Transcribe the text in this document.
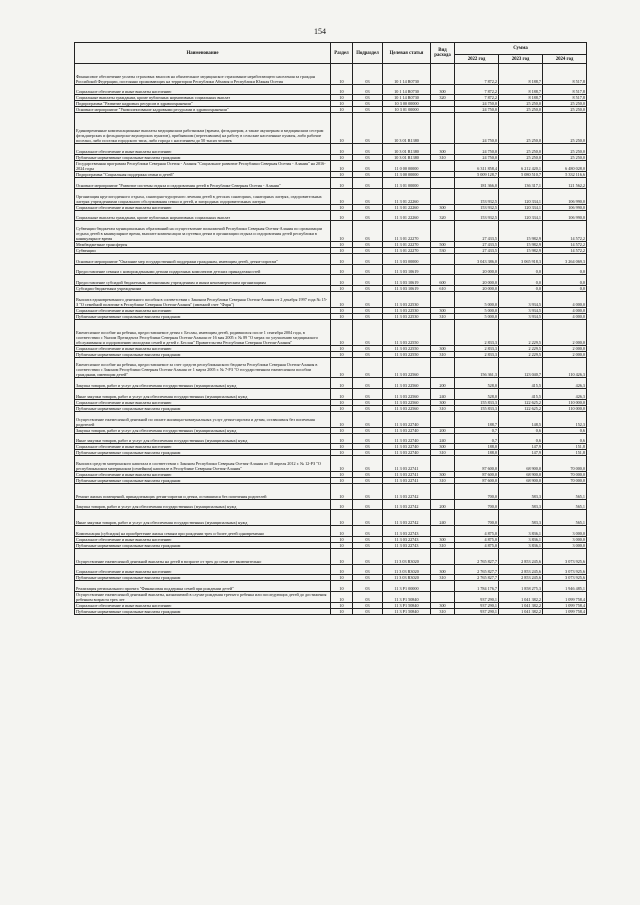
154
Наименование	Раздел	Подраздел	Целевая статья	Вид расхода	Сумма		
					2022 год	2023 год	2024 год
Финансовое обеспечение уплаты страховых взносов на обязательное медицинское страхование неработающего населения за граждан Российской Федерации, постоянно проживающих на территории Республики Абхазия и Республики Южная Осетия	10	03	10 1 14 R0730		7 872,2	8 188,7	8 517,8
Социальное обеспечение и иные выплаты населению	10	03	10 1 14 R0730	300	7 872,2	8 188,7	8 517,8
Социальные выплаты гражданам, кроме публичных нормативных социальных выплат	10	03	10 1 14 R0730	320	7 872,2	8 188,7	8 517,8
Подпрограмма "Развитие кадровых ресурсов в здравоохранении"	10	03	10 3 00 00000		24 750,0	25 250,0	25 250,0
Основное мероприятие "Укомплектование кадровыми ресурсами в здравоохранении"	10	03	10 3 01 00000		24 750,0	25 250,0	25 250,0
Единовременные компенсационные выплаты медицинским работникам (врачам, фельдшерам, а также акушеркам и медицинским сестрам фельдшерских и фельдшерско-акушерских пунктов), прибывшим (переехавшим) на работу в сельские населенные пункты, либо рабочие поселки, либо поселки городского типа, либо города с населением до 50 тысяч человек	10	03	10 3 01 R1380		24 750,0	25 250,0	25 250,0
Социальное обеспечение и иные выплаты населению	10	03	10 3 01 R1380	300	24 750,0	25 250,0	25 250,0
Публичные нормативные социальные выплаты гражданам	10	03	10 3 01 R1380	310	24 750,0	25 250,0	25 250,0
Государственная программа Республики Северная Осетия - Алания "Социальное развитие Республики Северная Осетия - Алания" на 2016-2024 годы	10	03	11 0 00 00000		6 311 858,4	6 212 420,1	6 480 028,0
Подпрограмма "Социальная поддержка семьи и детей"	10	03	11 3 00 00000		5 009 128,7	5 080 510,7	5 332 116,6
Основное мероприятие "Развитие системы отдыха и оздоровления детей в Республике Северная Осетия - Алания"	10	03	11 3 01 00000		181 366,0	136 317,1	121 562,2
Организация круглогодичного отдыха, санаторно-курортного лечения детей в детских санаториях, санаторных лагерях, оздоровительных лагерях учреждениями социального обслуживания семьи и детей, и загородных оздоровительных лагерях	10	03	11 3 01 22260		153 932,5	120 334,1	106 990,0
Социальное обеспечение и иные выплаты населению	10	03	11 3 01 22260	300	153 932,5	120 334,1	106 990,0
Социальные выплаты гражданам, кроме публичных нормативных социальных выплат	10	03	11 3 01 22260	320	153 932,5	120 334,1	106 990,0
Субвенции бюджетам муниципальных образований на осуществление полномочий Республики Северная Осетия-Алания по организации отдыха детей в каникулярное время, выплате компенсации за путевки детям в организации отдыха и оздоровления детей республики в каникулярное время	10	03	11 3 01 22270		27 433,5	15 982,9	14 572,2
Межбюджетные трансферты	10	03	11 3 01 22270	500	27 433,5	15 982,9	14 572,2
Субвенции	10	03	11 3 01 22270	530	27 433,5	15 982,9	14 572,2
Основное мероприятие "Оказание мер государственной поддержки гражданам, имеющим детей, детям-сиротам"	10	03	11 3 03 00000		3 043 386,0	3 065 918,3	3 264 069,3
Предоставление семьям с новорожденными детьми подарочных комплектов детских принадлежностей	10	03	11 3 03 10619		20 000,0	0,0	0,0
Предоставление субсидий бюджетным, автономным учреждениям и иным некоммерческим организациям	10	03	11 3 03 10619	600	20 000,0	0,0	0,0
Субсидии бюджетным учреждениям	10	03	11 3 03 10619	610	20 000,0	0,0	0,0
Выплата единовременного денежного пособия в соответствии с Законом Республики Северная Осетия-Алания от 2 декабря 1997 года № 15-З "О семейной политике в Республике Северная Осетия-Алания" (именной счет "Фарн")	10	03	11 3 03 22530		5 000,0	3 934,5	4 000,0
Социальное обеспечение и иные выплаты населению	10	03	11 3 03 22530	300	5 000,0	3 934,5	4 000,0
Публичные нормативные социальные выплаты гражданам	10	03	11 3 03 22530	310	5 000,0	3 934,5	4 000,0
Ежемесячное пособие на ребенка, предоставляемое детям г. Беслан, имеющим детей, родившихся после 1 сентября 2004 года, в соответствии с Указом Президента Республики Северная Осетия-Алания от 16 мая 2005 г. № 89 "О мерах по улучшению медицинского обслуживания и оздоровлению молодежи семей и детей г. Беслан" Правительства Республики Северная Осетия-Алания"	10	03	11 3 03 22550		2 833,3	2 229,5	2 000,0
Социальное обеспечение и иные выплаты населению	10	03	11 3 03 22550	300	2 833,3	2 229,5	2 000,0
Публичные нормативные социальные выплаты гражданам	10	03	11 3 03 22550	310	2 833,3	2 229,5	2 000,0
Ежемесячное пособие на ребенка, предоставляемое за счет средств республиканского бюджета Республики Северная Осетия-Алания в соответствии с Законом Республики Северная Осетия-Алания от 1 марта 2005 г. № 7-РЗ "О государственном ежемесячном пособии гражданам, имеющим детей"	10	03	11 3 03 22560		156 361,3	123 040,7	110 426,3
Закупка товаров, работ и услуг для обеспечения государственных (муниципальных) нужд	10	03	11 3 03 22560	200	528,0	415,5	426,3
Иные закупки товаров, работ и услуг для обеспечения государственных (муниципальных) нужд	10	03	11 3 03 22560	240	528,0	415,5	426,3
Социальное обеспечение и иные выплаты населению	10	03	11 3 03 22560	300	155 833,3	122 625,2	110 000,0
Публичные нормативные социальные выплаты гражданам	10	03	11 3 03 22560	310	155 833,3	122 625,2	110 000,0
Осуществление ежемесячной денежной по оплате жилищно-коммунальных услуг детям-сиротам и детям, оставшимся без попечения родителей	10	03	11 3 03 22740		188,7	148,5	152,3
Закупка товаров, работ и услуг для обеспечения государственных (муниципальных) нужд	10	03	11 3 03 22740	200	0,7	0,6	0,6
Иные закупки товаров, работ и услуг для обеспечения государственных (муниципальных) нужд	10	03	11 3 03 22740	240	0,7	0,6	0,6
Социальное обеспечение и иные выплаты населению	10	03	11 3 03 22740	300	188,0	147,9	151,8
Публичные нормативные социальные выплаты гражданам	10	03	11 3 03 22740	310	188,0	147,9	151,8
Выплата средств материнского капитала в соответствии с Законом Республики Северная Осетия-Алания от 18 апреля 2012 г. № 12-РЗ "О республиканском материнском (семейном) капитале в Республике Северная Осетия-Алания"	10	03	11 3 03 22741		87 600,0	68 900,0	70 000,0
Социальное обеспечение и иные выплаты населению	10	03	11 3 03 22741	300	87 600,0	68 900,0	70 000,0
Публичные нормативные социальные выплаты гражданам	10	03	11 3 03 22741	310	87 600,0	68 900,0	70 000,0
Ремонт жилых помещений, принадлежащих детям-сиротам и детям, оставшимся без попечения родителей	10	03	11 3 03 22742		700,0	583,3	565,1
Закупка товаров, работ и услуг для обеспечения государственных (муниципальных) нужд	10	03	11 3 03 22742	200	700,0	583,3	565,1
Иные закупки товаров, работ и услуг для обеспечения государственных (муниципальных) нужд	10	03	11 3 03 22742	240	700,0	583,3	565,1
Компенсация (субсидия) на приобретение жилья семьям при рождении трех и более детей одновременно	10	03	11 3 03 22743		4 875,0	3 836,1	3 000,0
Социальное обеспечение и иные выплаты населению	10	03	11 3 03 22743	300	4 875,0	3 836,1	3 000,0
Публичные нормативные социальные выплаты гражданам	10	03	11 3 03 22743	310	4 875,0	3 836,1	3 000,0
Осуществление ежемесячной денежной выплаты на детей в возрасте от трех до семи лет включительно	10	03	11 3 03 R3020		2 765 827,7	2 853 245,6	3 073 925,6
Социальное обеспечение и иные выплаты населению	10	03	11 3 03 R3020	300	2 765 827,7	2 853 245,6	3 073 925,6
Публичные нормативные социальные выплаты гражданам	10	03	11 3 03 R3020	310	2 765 827,7	2 853 245,6	3 073 925,6
Реализация регионального проекта "Финансовая поддержка семей при рождении детей"	10	03	11 3 P1 00000		1 784 176,7	1 858 275,3	1 946 485,1
Осуществление ежемесячной денежной выплаты, назначаемой в случае рождения третьего ребенка или последующих детей до достижения ребенком возраста трех лет	10	03	11 3 P1 50840		937 290,1	1 041 382,2	1 099 758,4
Социальное обеспечение и иные выплаты населению	10	03	11 3 P1 50840	300	937 290,1	1 041 382,2	1 099 758,4
Публичные нормативные социальные выплаты гражданам	10	03	11 3 P1 50840	310	937 290,1	1 041 382,2	1 099 758,4
